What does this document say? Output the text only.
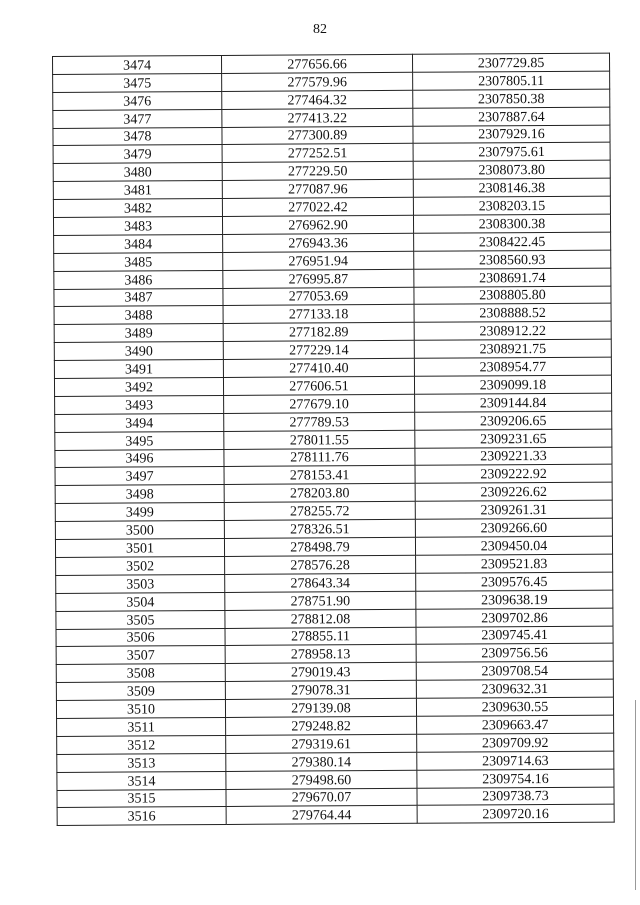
82
3474	277656.66	2307729.85
3475	277579.96	2307805.11
3476	277464.32	2307850.38
3477	277413.22	2307887.64
3478	277300.89	2307929.16
3479	277252.51	2307975.61
3480	277229.50	2308073.80
3481	277087.96	2308146.38
3482	277022.42	2308203.15
3483	276962.90	2308300.38
3484	276943.36	2308422.45
3485	276951.94	2308560.93
3486	276995.87	2308691.74
3487	277053.69	2308805.80
3488	277133.18	2308888.52
3489	277182.89	2308912.22
3490	277229.14	2308921.75
3491	277410.40	2308954.77
3492	277606.51	2309099.18
3493	277679.10	2309144.84
3494	277789.53	2309206.65
3495	278011.55	2309231.65
3496	278111.76	2309221.33
3497	278153.41	2309222.92
3498	278203.80	2309226.62
3499	278255.72	2309261.31
3500	278326.51	2309266.60
3501	278498.79	2309450.04
3502	278576.28	2309521.83
3503	278643.34	2309576.45
3504	278751.90	2309638.19
3505	278812.08	2309702.86
3506	278855.11	2309745.41
3507	278958.13	2309756.56
3508	279019.43	2309708.54
3509	279078.31	2309632.31
3510	279139.08	2309630.55
3511	279248.82	2309663.47
3512	279319.61	2309709.92
3513	279380.14	2309714.63
3514	279498.60	2309754.16
3515	279670.07	2309738.73
3516	279764.44	2309720.16
